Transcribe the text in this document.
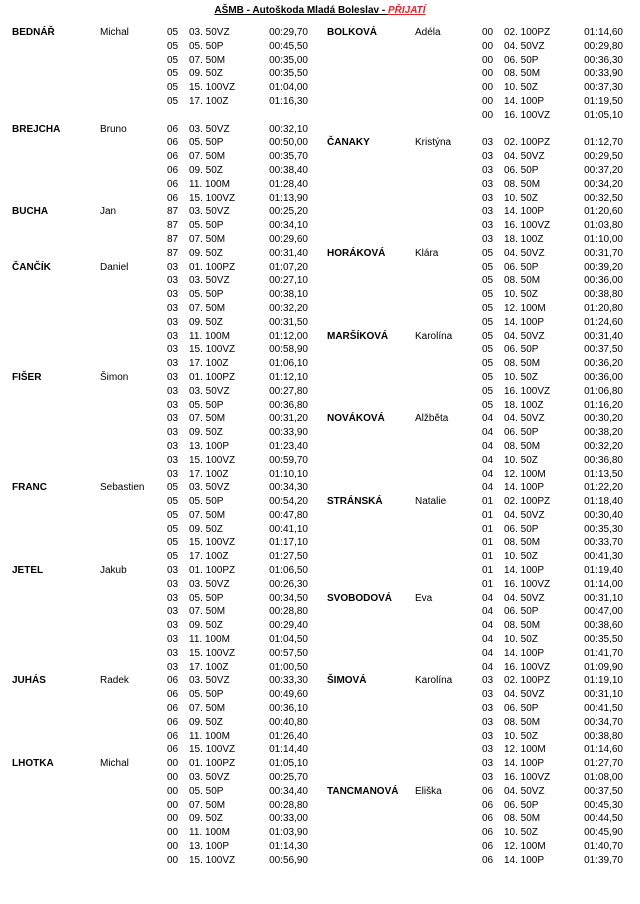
AŠMB - Autoškoda Mladá Boleslav - PŘIJATÍ
BEDNÁŘ	Michal	05	03. 50VZ	00:29,70
05	05. 50P	00:45,50
05	07. 50M	00:35,00
05	09. 50Z	00:35,50
05	15. 100VZ	01:04,00
05	17. 100Z	01:16,30
BREJCHA	Bruno	06	03. 50VZ	00:32,10
06	05. 50P	00:50,00
06	07. 50M	00:35,70
06	09. 50Z	00:38,40
06	11. 100M	01:28,40
06	15. 100VZ	01:13,90
BUCHA	Jan	87	03. 50VZ	00:25,20
87	05. 50P	00:34,10
87	07. 50M	00:29,60
87	09. 50Z	00:31,40
ČANČÍK	Daniel	03	01. 100PZ	01:07,20
03	03. 50VZ	00:27,10
03	05. 50P	00:38,10
03	07. 50M	00:32,20
03	09. 50Z	00:31,50
03	11. 100M	01:12,00
03	15. 100VZ	00:58,90
03	17. 100Z	01:06,10
FIŠER	Šimon	03	01. 100PZ	01:12,10
03	03. 50VZ	00:27,80
03	05. 50P	00:36,80
03	07. 50M	00:31,20
03	09. 50Z	00:33,90
03	13. 100P	01:23,40
03	15. 100VZ	00:59,70
03	17. 100Z	01:10,10
FRANC	Sebastien	05	03. 50VZ	00:34,30
05	05. 50P	00:54,20
05	07. 50M	00:47,80
05	09. 50Z	00:41,10
05	15. 100VZ	01:17,10
05	17. 100Z	01:27,50
JETEL	Jakub	03	01. 100PZ	01:06,50
03	03. 50VZ	00:26,30
03	05. 50P	00:34,50
03	07. 50M	00:28,80
03	09. 50Z	00:29,40
03	11. 100M	01:04,50
03	15. 100VZ	00:57,50
03	17. 100Z	01:00,50
JUHÁS	Radek	06	03. 50VZ	00:33,30
06	05. 50P	00:49,60
06	07. 50M	00:36,10
06	09. 50Z	00:40,80
06	11. 100M	01:26,40
06	15. 100VZ	01:14,40
LHOTKA	Michal	00	01. 100PZ	01:05,10
00	03. 50VZ	00:25,70
00	05. 50P	00:34,40
00	07. 50M	00:28,80
00	09. 50Z	00:33,00
00	11. 100M	01:03,90
00	13. 100P	01:14,30
00	15. 100VZ	00:56,90
BOLKOVÁ	Adéla	00	02. 100PZ	01:14,60
00	04. 50VZ	00:29,80
00	06. 50P	00:36,30
00	08. 50M	00:33,90
00	10. 50Z	00:37,30
00	14. 100P	01:19,50
00	16. 100VZ	01:05,10
ČANAKY	Kristýna	03	02. 100PZ	01:12,70
03	04. 50VZ	00:29,50
03	06. 50P	00:37,20
03	08. 50M	00:34,20
03	10. 50Z	00:32,50
03	14. 100P	01:20,60
03	16. 100VZ	01:03,80
03	18. 100Z	01:10,00
HORÁKOVÁ	Klára	05	04. 50VZ	00:31,70
05	06. 50P	00:39,20
05	08. 50M	00:36,00
05	10. 50Z	00:38,80
05	12. 100M	01:20,80
05	14. 100P	01:24,60
MARŠÍKOVÁ	Karolína	05	04. 50VZ	00:31,40
05	06. 50P	00:37,50
05	08. 50M	00:36,20
05	10. 50Z	00:36,00
05	16. 100VZ	01:06,80
05	18. 100Z	01:16,20
NOVÁKOVÁ	Alžběta	04	04. 50VZ	00:30,20
04	06. 50P	00:38,20
04	08. 50M	00:32,20
04	10. 50Z	00:36,80
04	12. 100M	01:13,50
04	14. 100P	01:22,20
STRÁNSKÁ	Natalie	01	02. 100PZ	01:18,40
01	04. 50VZ	00:30,40
01	06. 50P	00:35,30
01	08. 50M	00:33,70
01	10. 50Z	00:41,30
01	14. 100P	01:19,40
01	16. 100VZ	01:14,00
SVOBODOVÁ	Eva	04	04. 50VZ	00:31,10
04	06. 50P	00:47,00
04	08. 50M	00:38,60
04	10. 50Z	00:35,50
04	14. 100P	01:41,70
04	16. 100VZ	01:09,90
ŠIMOVÁ	Karolína	03	02. 100PZ	01:19,10
03	04. 50VZ	00:31,10
03	06. 50P	00:41,50
03	08. 50M	00:34,70
03	10. 50Z	00:38,80
03	12. 100M	01:14,60
03	14. 100P	01:27,70
03	16. 100VZ	01:08,00
TANCMANOVÁ	Eliška	06	04. 50VZ	00:37,50
06	06. 50P	00:45,30
06	08. 50M	00:44,50
06	10. 50Z	00:45,90
06	12. 100M	01:40,70
06	14. 100P	01:39,70
